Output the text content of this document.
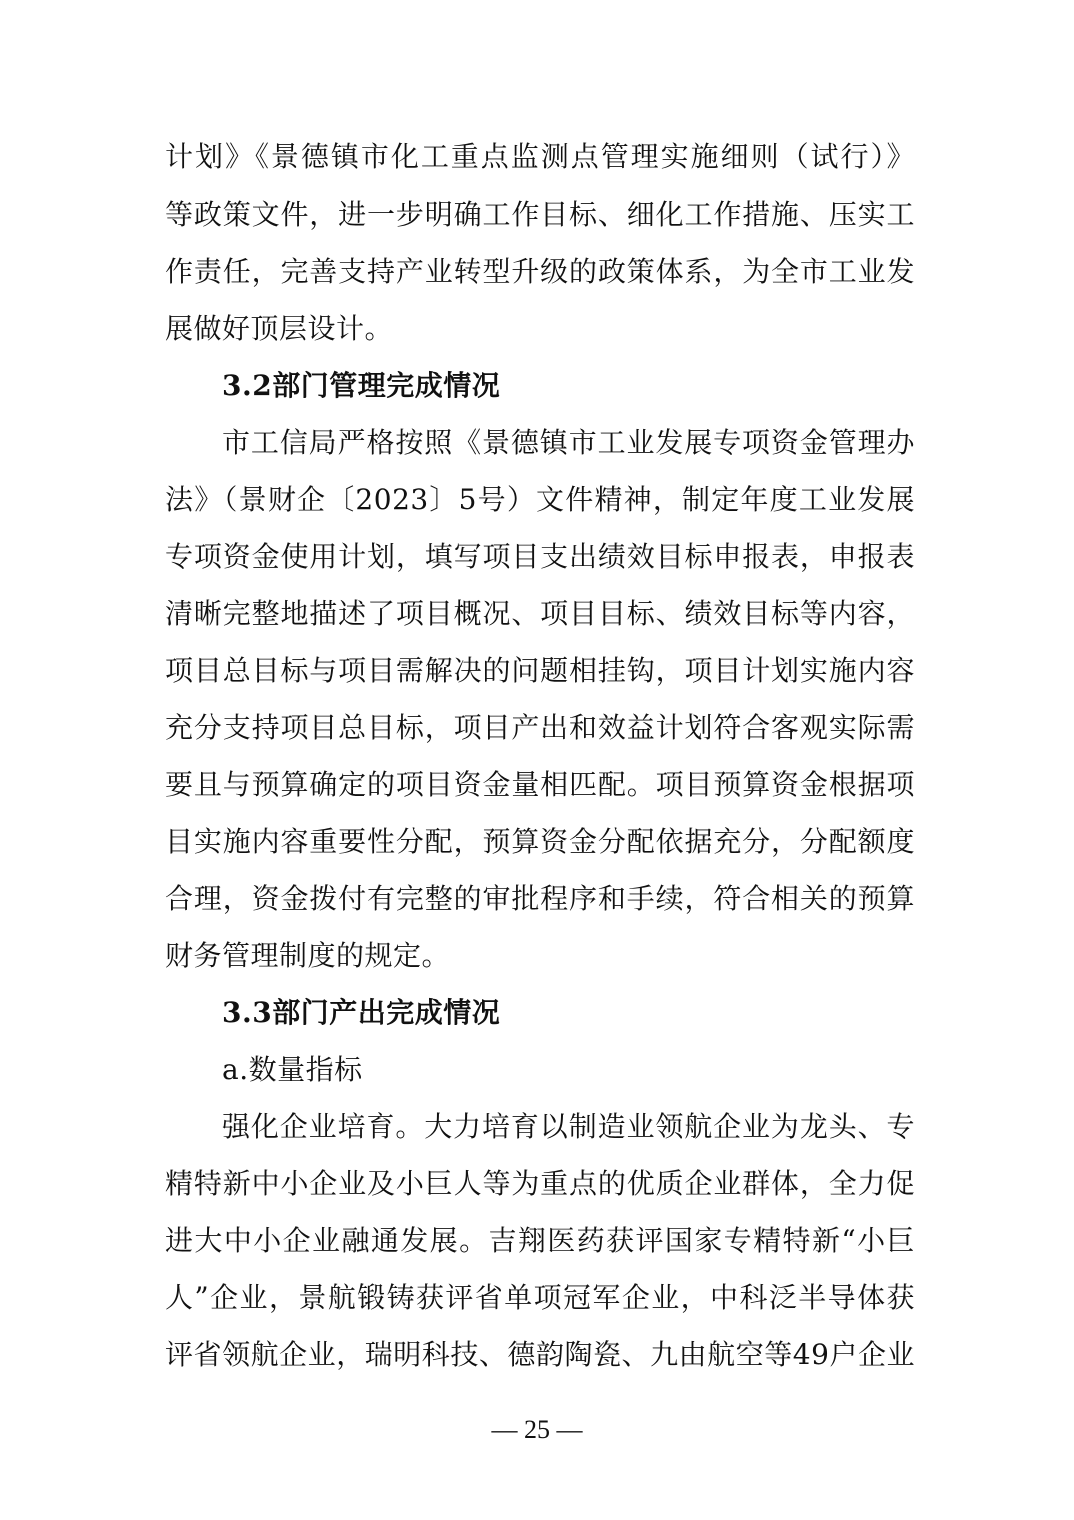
计划》《景德镇市化工重点监测点管理实施细则（试行）》
等政策文件，进一步明确工作目标、细化工作措施、压实工
作责任，完善支持产业转型升级的政策体系，为全市工业发
展做好顶层设计。
3.2部门管理完成情况
市工信局严格按照《景德镇市工业发展专项资金管理办
法》（景财企〔2023〕5号）文件精神，制定年度工业发展
专项资金使用计划，填写项目支出绩效目标申报表，申报表
清晰完整地描述了项目概况、项目目标、绩效目标等内容，
项目总目标与项目需解决的问题相挂钩，项目计划实施内容
充分支持项目总目标，项目产出和效益计划符合客观实际需
要且与预算确定的项目资金量相匹配。项目预算资金根据项
目实施内容重要性分配，预算资金分配依据充分，分配额度
合理，资金拨付有完整的审批程序和手续，符合相关的预算
财务管理制度的规定。
3.3部门产出完成情况
a.数量指标
强化企业培育。大力培育以制造业领航企业为龙头、专
精特新中小企业及小巨人等为重点的优质企业群体，全力促
进大中小企业融通发展。吉翔医药获评国家专精特新“小巨
人”企业，景航锻铸获评省单项冠军企业，中科泛半导体获
评省领航企业，瑞明科技、德韵陶瓷、九由航空等49户企业
— 25 —
